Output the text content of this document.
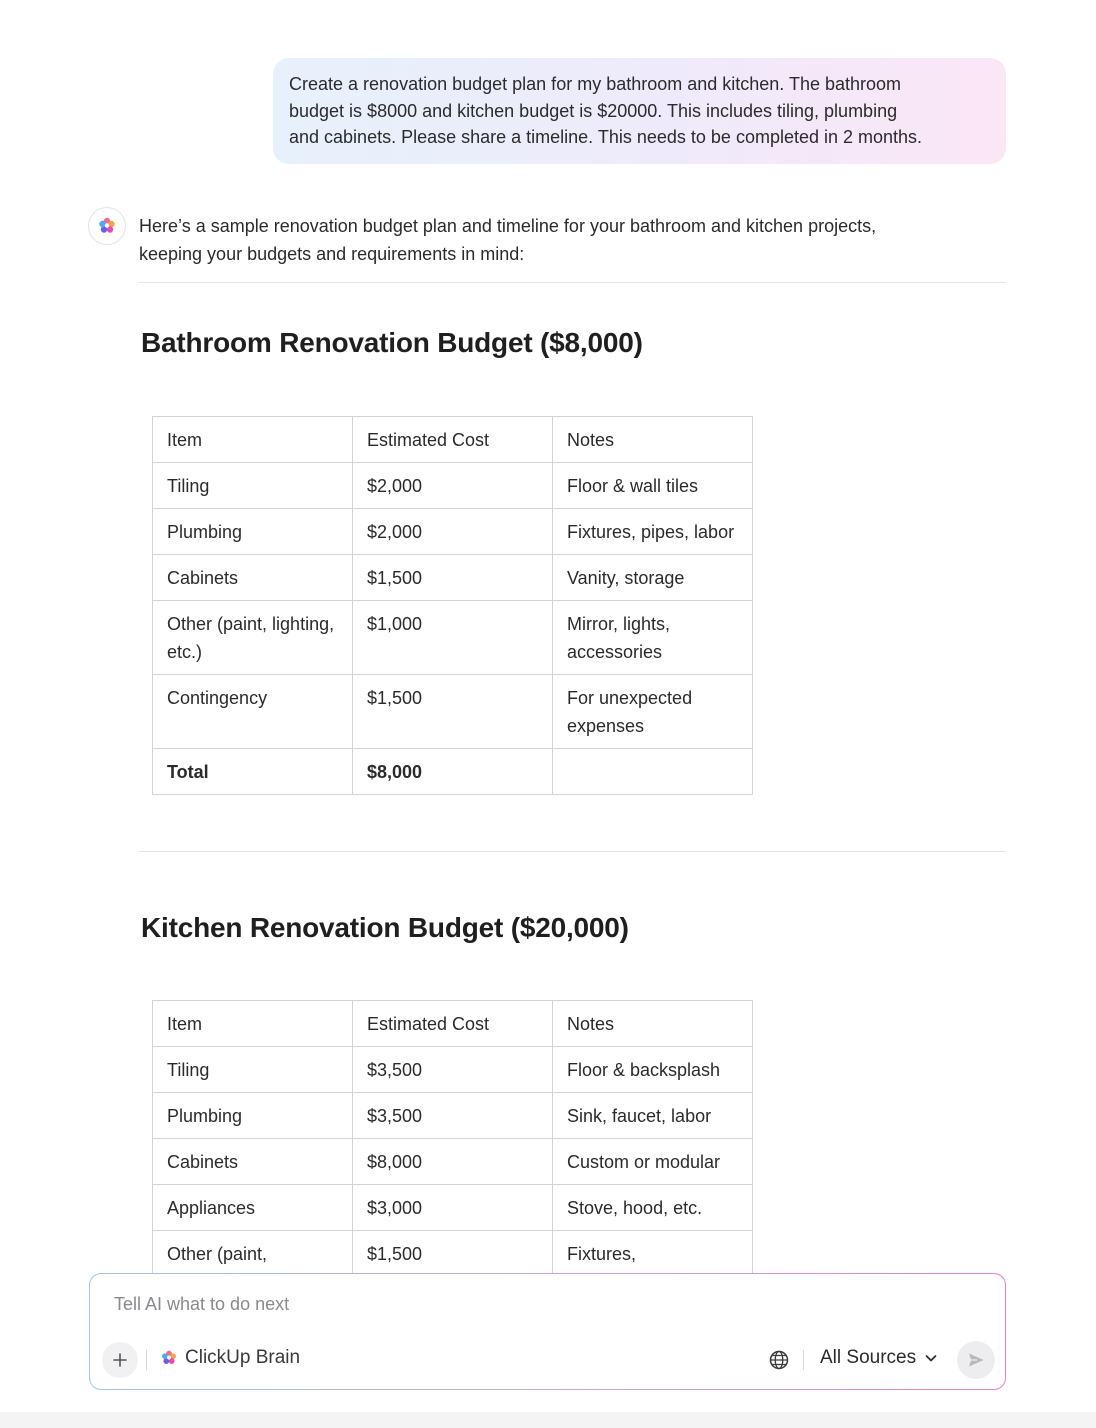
Create a renovation budget plan for my bathroom and kitchen. The bathroom
budget is $8000 and kitchen budget is $20000. This includes tiling, plumbing
and cabinets. Please share a timeline. This needs to be completed in 2 months.
Here’s a sample renovation budget plan and timeline for your bathroom and kitchen projects,
keeping your budgets and requirements in mind:
Bathroom Renovation Budget ($8,000)
Item	Estimated Cost	Notes
Tiling	$2,000	Floor & wall tiles
Plumbing	$2,000	Fixtures, pipes, labor
Cabinets	$1,500	Vanity, storage
Other (paint, lighting, etc.)	$1,000	Mirror, lights, accessories
Contingency	$1,500	For unexpected expenses
Total	$8,000	
Kitchen Renovation Budget ($20,000)
Item	Estimated Cost	Notes
Tiling	$3,500	Floor & backsplash
Plumbing	$3,500	Sink, faucet, labor
Cabinets	$8,000	Custom or modular
Appliances	$3,000	Stove, hood, etc.
Other (paint,	$1,500	Fixtures,
Tell AI what to do next
ClickUp Brain	All Sources
